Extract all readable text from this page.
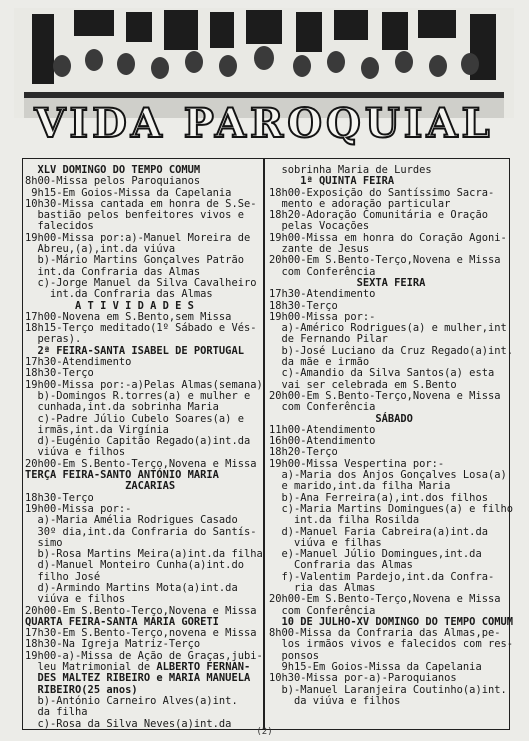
VIDA PAROQUIAL
XLV DOMINGO DO TEMPO COMUM
8h00-Missa pelos Paroquianos
9h15-Em Goios-Missa da Capelania
10h30-Missa cantada em honra de S.Se-
bastião pelos benfeitores vivos e
falecidos
19h00-Missa por:a)-Manuel Moreira de
Abreu,(a),int.da viúva
b)-Mário Martins Gonçalves Patrão
int.da Confraria das Almas
c)-Jorge Manuel da Silva Cavalheiro
int.da Confraria das Almas
A T I V I D A D E S
17h00-Novena em S.Bento,sem Missa
18h15-Terço meditado(1º Sábado e Vés-
peras).
2ª FEIRA-SANTA ISABEL DE PORTUGAL
17h30-Atendimento
18h30-Terço
19h00-Missa por:-a)Pelas Almas(semana)
b)-Domingos R.torres(a) e mulher e
cunhada,int.da sobrinha Maria
c)-Padre Júlio Cubelo Soares(a) e
irmãs,int.da Virgínia
d)-Eugénio Capitão Regado(a)int.da
viúva e filhos
20h00-Em S.Bento-Terço,Novena e Missa
TERÇA FEIRA-SANTO ANTÓNIO MARIA
ZACARIAS
18h30-Terço
19h00-Missa por:-
a)-Maria Amélia Rodrigues Casado
30º dia,int.da Confraria do Santís-
simo
b)-Rosa Martins Meira(a)int.da filha
d)-Manuel Monteiro Cunha(a)int.do
filho José
d)-Armindo Martins Mota(a)int.da
viúva e filhos
20h00-Em S.Bento-Terço,Novena e Missa
QUARTA FEIRA-SANTA MARIA GORETI
17h30-Em S.Bento-Terço,novena e Missa
18h30-Na Igreja Matriz-Terço
19h00-a)-Missa de Ação de Graças,jubi-
leu Matrimonial de ALBERTO FERNAN-
DES MALTEZ RIBEIRO e MARIA MANUELA
RIBEIRO(25 anos)
b)-António Carneiro Alves(a)int.
da filha
c)-Rosa da Silva Neves(a)int.da
sobrinha Maria de Lurdes
1ª QUINTA FEIRA
18h00-Exposição do Santíssimo Sacra-
mento e adoração particular
18h20-Adoração Comunitária e Oração
pelas Vocações
19h00-Missa em honra do Coração Agoni-
zante de Jesus
20h00-Em S.Bento-Terço,Novena e Missa
com Conferência
SEXTA FEIRA
17h30-Atendimento
18h30-Terço
19h00-Missa por:-
a)-Américo Rodrigues(a) e mulher,int
de Fernando Pilar
b)-José Luciano da Cruz Regado(a)int.
da mãe e irmão
c)-Amandio da Silva Santos(a) esta
vai ser celebrada em S.Bento
20h00-Em S.Bento-Terço,Novena e Missa
com Conferência
SÁBADO
11h00-Atendimento
16h00-Atendimento
18h20-Terço
19h00-Missa Vespertina por:-
a)-Maria dos Anjos Gonçalves Losa(a)
e marido,int.da filha Maria
b)-Ana Ferreira(a),int.dos filhos
c)-Maria Martins Domingues(a) e filho
int.da filha Rosilda
d)-Manuel Faria Cabreira(a)int.da
viúva e filhas
e)-Manuel Júlio Domingues,int.da
Confraria das Almas
f)-Valentim Pardejo,int.da Confra-
ria das Almas
20h00-Em S.Bento-Terço,Novena e Missa
com Conferência
10 DE JULHO-XV DOMINGO DO TEMPO COMUM
8h00-Missa da Confraria das Almas,pe-
los irmãos vivos e falecidos com res-
ponsos
9h15-Em Goios-Missa da Capelania
10h30-Missa por-a)-Paroquianos
b)-Manuel Laranjeira Coutinho(a)int.
da viúva e filhos
(2)
